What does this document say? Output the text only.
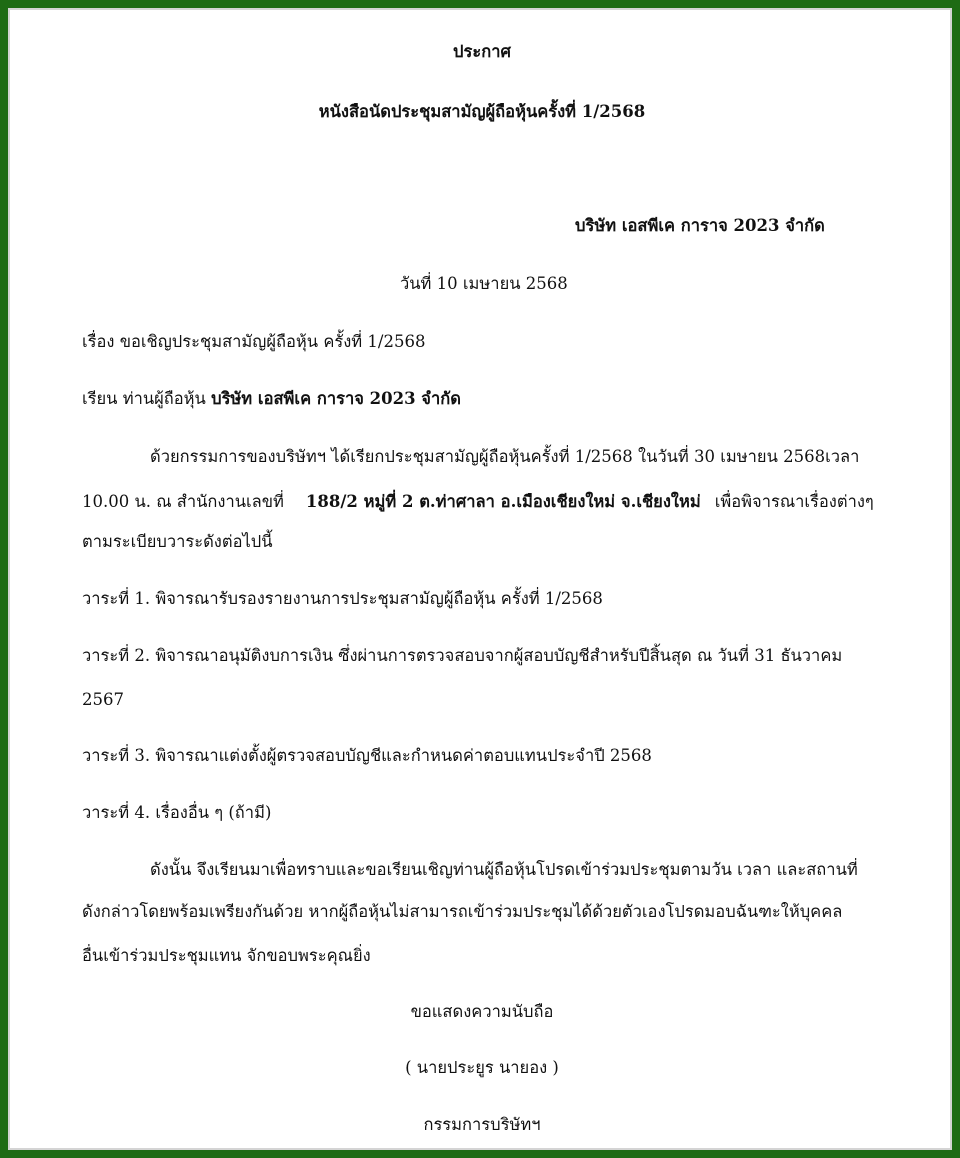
ประกาศ
หนังสือนัดประชุมสามัญผู้ถือหุ้นครั้งที่ 1/2568
บริษัท เอสพีเค การาจ 2023 จำกัด
วันที่ 10 เมษายน 2568
เรื่อง ขอเชิญประชุมสามัญผู้ถือหุ้น ครั้งที่ 1/2568
เรียน ท่านผู้ถือหุ้น บริษัท เอสพีเค การาจ 2023 จำกัด
ด้วยกรรมการของบริษัทฯ ได้เรียกประชุมสามัญผู้ถือหุ้นครั้งที่ 1/2568 ในวันที่ 30 เมษายน 2568เวลา
10.00 น. ณ สำนักงานเลขที่ 188/2 หมู่ที่ 2 ต.ท่าศาลา อ.เมืองเชียงใหม่ จ.เชียงใหม่ เพื่อพิจารณาเรื่องต่างๆ
ตามระเบียบวาระดังต่อไปนี้
วาระที่ 1. พิจารณารับรองรายงานการประชุมสามัญผู้ถือหุ้น ครั้งที่ 1/2568
วาระที่ 2. พิจารณาอนุมัติงบการเงิน ซึ่งผ่านการตรวจสอบจากผู้สอบบัญชีสำหรับปีสิ้นสุด ณ วันที่ 31 ธันวาคม
2567
วาระที่ 3. พิจารณาแต่งตั้งผู้ตรวจสอบบัญชีและกำหนดค่าตอบแทนประจำปี 2568
วาระที่ 4. เรื่องอื่น ๆ (ถ้ามี)
ดังนั้น จึงเรียนมาเพื่อทราบและขอเรียนเชิญท่านผู้ถือหุ้นโปรดเข้าร่วมประชุมตามวัน เวลา และสถานที่
ดังกล่าวโดยพร้อมเพรียงกันด้วย หากผู้ถือหุ้นไม่สามารถเข้าร่วมประชุมได้ด้วยตัวเองโปรดมอบฉันฑะให้บุคคล
อื่นเข้าร่วมประชุมแทน จักขอบพระคุณยิ่ง
ขอแสดงความนับถือ
( นายประยูร นายอง )
กรรมการบริษัทฯ
